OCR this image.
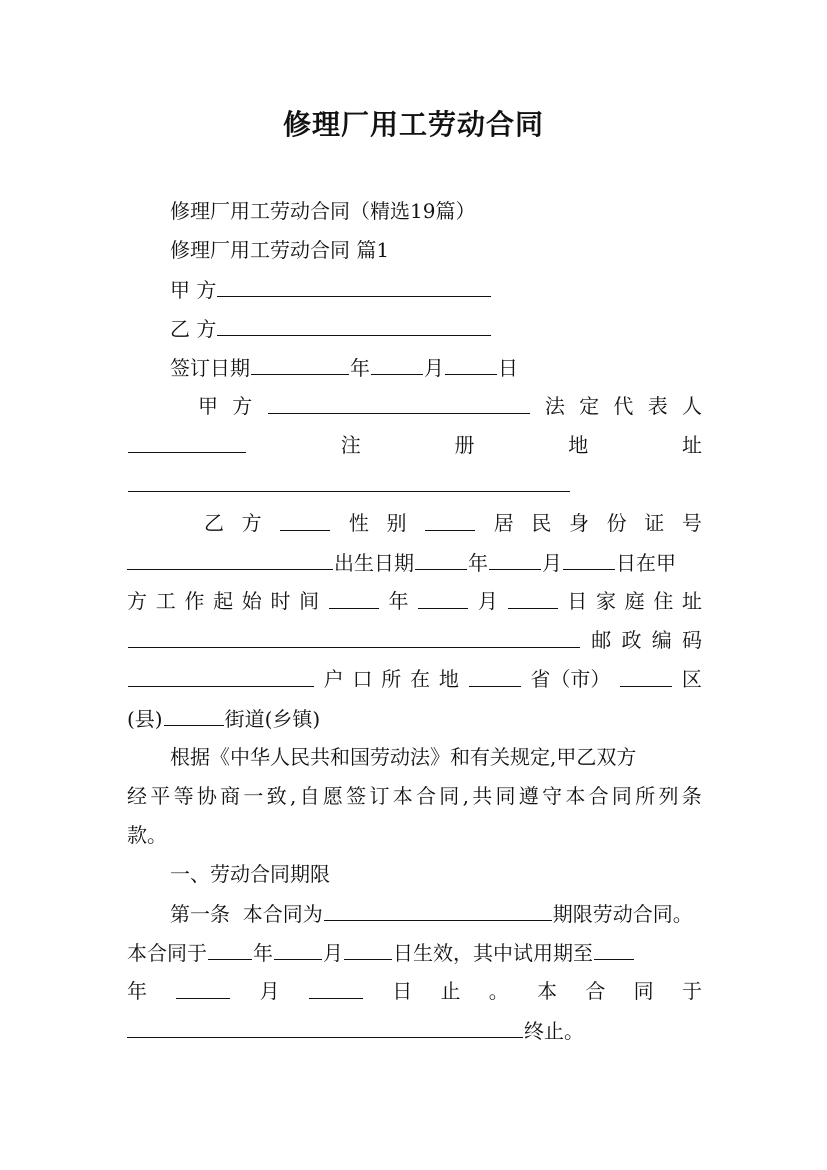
修理厂用工劳动合同
修理厂用工劳动合同（精选19篇）
修理厂用工劳动合同 篇1
甲 方
乙 方
签订日期	年	月	日
甲 方	法 定 代 表 人
注	册	地	址
乙 方	性 别	居 民 身 份 证 号
出生日期	年	月	日在甲
方 工 作 起 始 时 间	年	月	日 家 庭 住 址
邮 政 编 码
户 口 所 在 地	省（市）	区
(县)	街道(乡镇)
根据《中华人民共和国劳动法》和有关规定,甲乙双方
经 平 等 协 商 一 致 , 自 愿 签 订 本 合 同 , 共 同 遵 守 本 合 同 所 列 条
款。
一、劳动合同期限
第一条  本合同为	期限劳动合同。
本合同于 年	月	日生效，其中试用期至
年	月	日 止 。 本 合 同 于
终止。
